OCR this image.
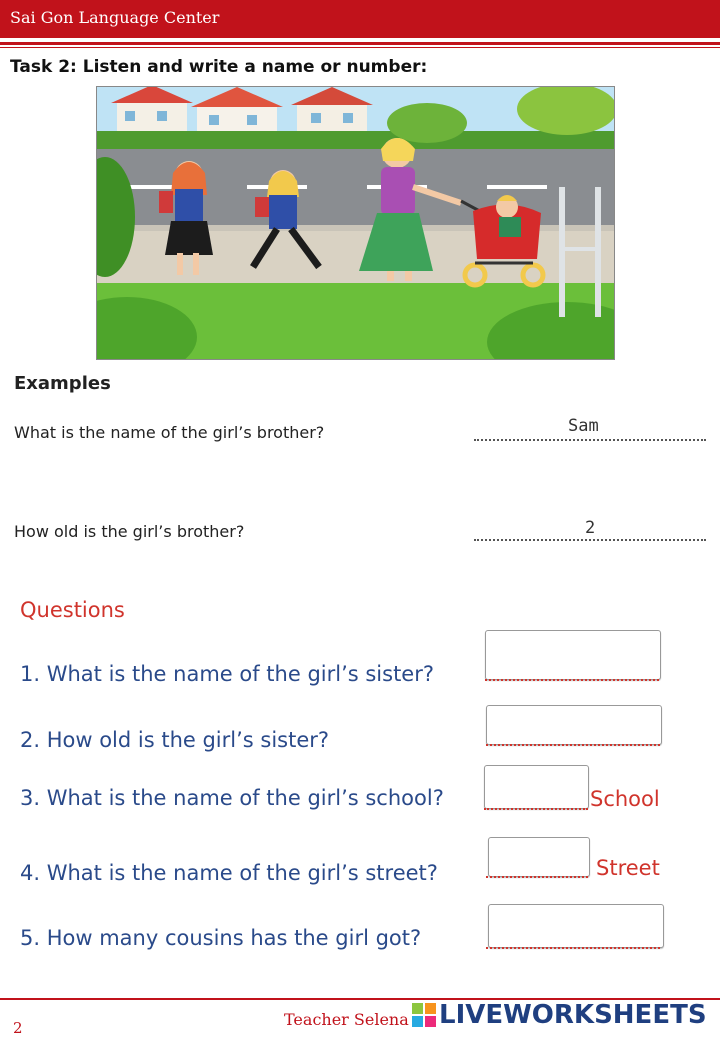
Sai Gon Language Center
Task 2: Listen and write a name or number:
Examples
What is the name of the girl’s brother?	Sam
How old is the girl’s brother?	2
Questions
1. What is the name of the girl’s sister?
2. How old is the girl’s sister?
3. What is the name of the girl’s school?	School
4. What is the name of the girl’s street?	Street
5. How many cousins has the girl got?
2	Teacher Selena LIVEWORKSHEETS
